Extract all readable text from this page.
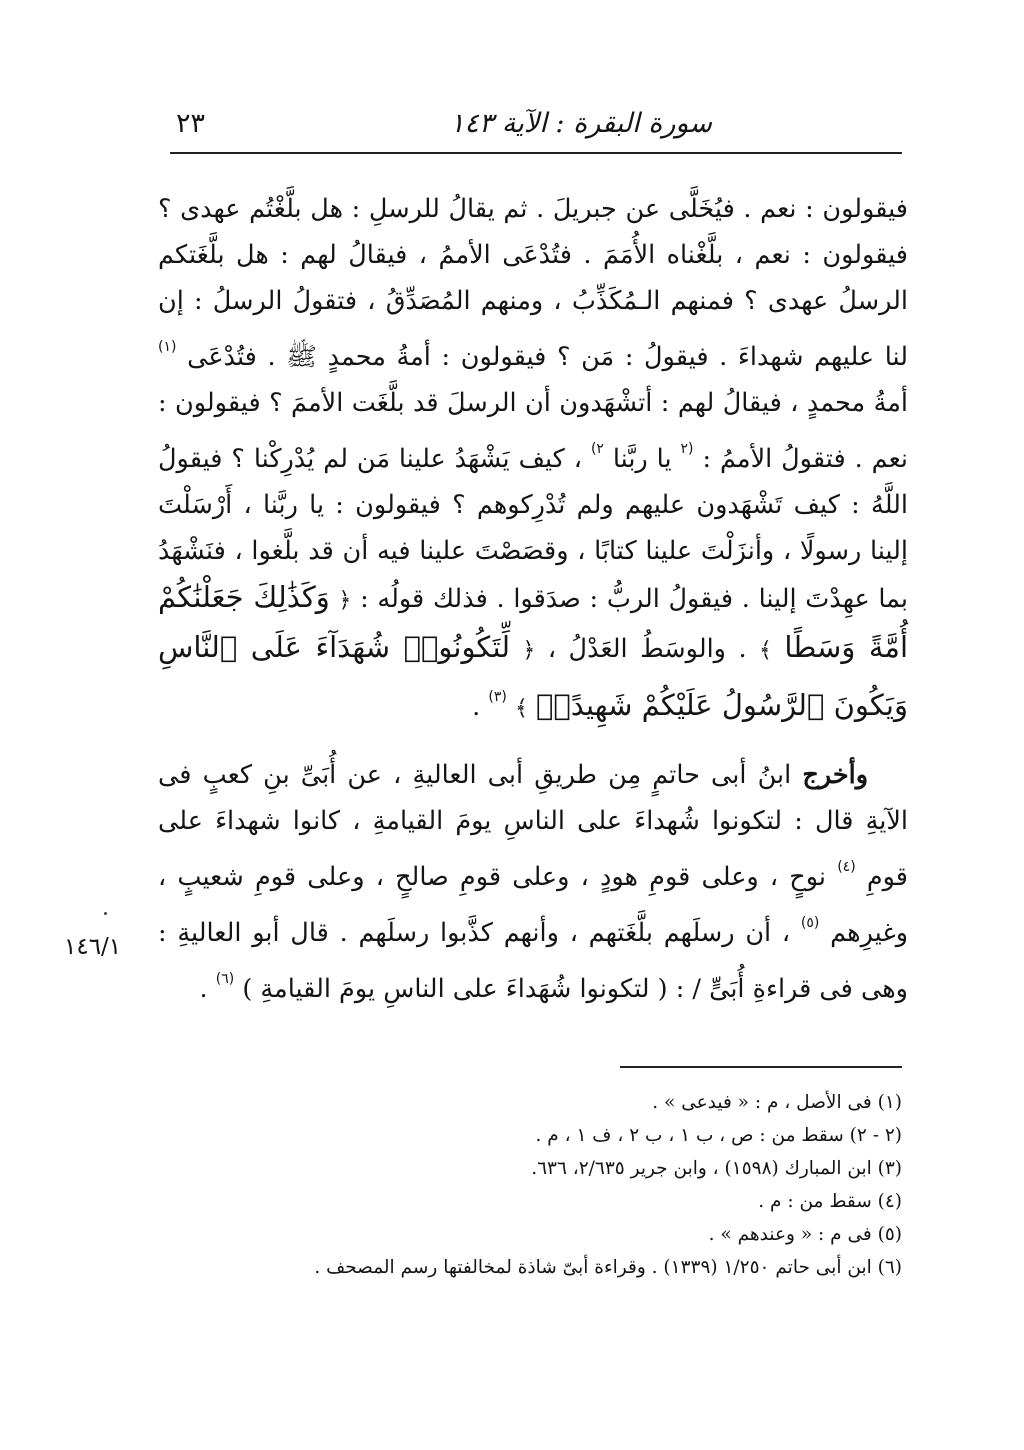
سورة البقرة : الآية ١٤٣
٢٣

فيقولون : نعم . فيُخَلَّى عن جبريلَ . ثم يقالُ للرسلِ : هل بلَّغْتُم عهدى ؟ فيقولون : نعم ، بلَّغْناه الأُمَمَ . فتُدْعَى الأممُ ، فيقالُ لهم : هل بلَّغَتكم الرسلُ عهدى ؟ فمنهم الـمُكَذِّبُ ، ومنهم المُصَدِّقُ ، فتقولُ الرسلُ : إن لنا عليهم شهداءَ . فيقولُ : مَن ؟ فيقولون : أمةُ محمدٍ ﷺ . فتُدْعَى $^{(١)}$ أمةُ محمدٍ ، فيقالُ لهم : أتشْهَدون أن الرسلَ قد بلَّغَت الأممَ ؟ فيقولون : نعم . فتقولُ الأممُ : $^{(٢}$ يا ربَّنا $^{٢)}$ ، كيف يَشْهَدُ علينا مَن لم يُدْرِكْنا ؟ فيقولُ اللَّهُ : كيف تَشْهَدون عليهم ولم تُدْرِكوهم ؟ فيقولون : يا ربَّنا ، أَرْسَلْتَ إلينا رسولًا ، وأنزَلْتَ علينا كتابًا ، وقصَصْتَ علينا فيه أن قد بلَّغوا ، فنَشْهَدُ بما عهِدْتَ إلينا . فيقولُ الربُّ : صدَقوا . فذلك قولُه : ﴿ وَكَذَٰلِكَ جَعَلْنَٰكُمْ أُمَّةً وَسَطًا ﴾ . والوسَطُ العَدْلُ ، ﴿ لِّتَكُونُوا۟ شُهَدَآءَ عَلَى ٱلنَّاسِ وَيَكُونَ ٱلرَّسُولُ عَلَيْكُمْ شَهِيدًاۗ ﴾ $^{(٣)}$ .

وأخرج ابنُ أبى حاتمٍ مِن طريقِ أبى العاليةِ ، عن أُبَىِّ بنِ كعبٍ فى الآيةِ قال : لتكونوا شُهداءَ على الناسِ يومَ القيامةِ ، كانوا شهداءَ على قومِ $^{(٤)}$ نوحٍ ، وعلى قومِ هودٍ ، وعلى قومِ صالحٍ ، وعلى قومِ شعيبٍ ، وغيرِهم $^{(٥)}$ ، أن رسلَهم بلَّغَتهم ، وأنهم كذَّبوا رسلَهم . قال أبو العاليةِ : وهى فى قراءةِ أُبَىٍّ / : ( لتكونوا شُهَداءَ على الناسِ يومَ القيامةِ ) $^{(٦)}$ .

١٤٦/١
(١) فى الأصل ، م : « فيدعى » .
(٢ - ٢) سقط من : ص ، ب ١ ، ب ٢ ، ف ١ ، م .
(٣) ابن المبارك (١٥٩٨) ، وابن جرير ٢/٦٣٥، ٦٣٦.
(٤) سقط من : م .
(٥) فى م : « وعندهم » .
(٦) ابن أبى حاتم ١/٢٥٠ (١٣٣٩) . وقراءة أبىّ شاذة لمخالفتها رسم المصحف .
